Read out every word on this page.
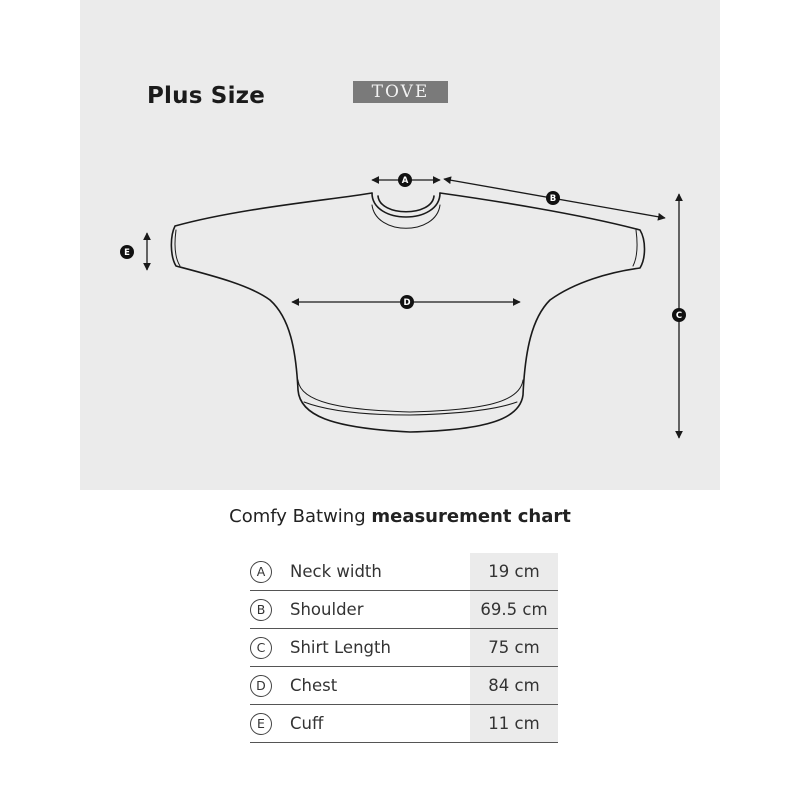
Plus Size	TOVE
A
B
C
D
E
Comfy Batwing measurement chart
A	Neck width	19 cm
B	Shoulder	69.5 cm
C	Shirt Length	75 cm
D	Chest	84 cm
E	Cuff	11 cm
